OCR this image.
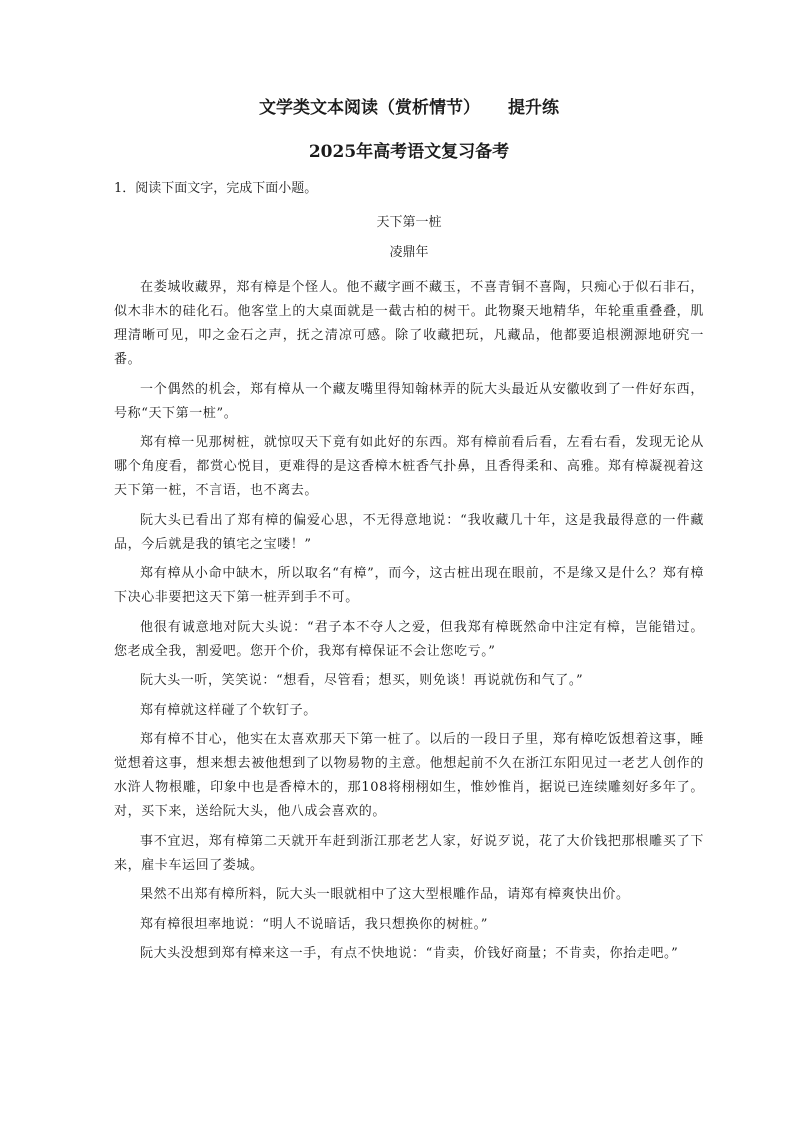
文学类文本阅读（赏析情节） 提升练
2025年高考语文复习备考

1．阅读下面文字，完成下面小题。

天下第一桩

凌鼎年

在娄城收藏界，郑有樟是个怪人。他不藏字画不藏玉，不喜青铜不喜陶，只痴心于似石非石，似木非木的硅化石。他客堂上的大桌面就是一截古柏的树干。此物聚天地精华，年轮重重叠叠，肌理清晰可见，叩之金石之声，抚之清凉可感。除了收藏把玩，凡藏品，他都要追根溯源地研究一番。

一个偶然的机会，郑有樟从一个藏友嘴里得知翰林弄的阮大头最近从安徽收到了一件好东西，号称“天下第一桩”。

郑有樟一见那树桩，就惊叹天下竟有如此好的东西。郑有樟前看后看，左看右看，发现无论从哪个角度看，都赏心悦目，更难得的是这香樟木桩香气扑鼻，且香得柔和、高雅。郑有樟凝视着这天下第一桩，不言语，也不离去。

阮大头已看出了郑有樟的偏爱心思，不无得意地说：“我收藏几十年，这是我最得意的一件藏品，今后就是我的镇宅之宝喽！”

郑有樟从小命中缺木，所以取名“有樟”，而今，这古桩出现在眼前，不是缘又是什么？郑有樟下决心非要把这天下第一桩弄到手不可。

他很有诚意地对阮大头说：“君子本不夺人之爱，但我郑有樟既然命中注定有樟，岂能错过。您老成全我，割爱吧。您开个价，我郑有樟保证不会让您吃亏。”

阮大头一听，笑笑说：“想看，尽管看；想买，则免谈！再说就伤和气了。”

郑有樟就这样碰了个软钉子。

郑有樟不甘心，他实在太喜欢那天下第一桩了。以后的一段日子里，郑有樟吃饭想着这事，睡觉想着这事，想来想去被他想到了以物易物的主意。他想起前不久在浙江东阳见过一老艺人创作的水浒人物根雕，印象中也是香樟木的，那108将栩栩如生，惟妙惟肖，据说已连续雕刻好多年了。对，买下来，送给阮大头，他八成会喜欢的。

事不宜迟，郑有樟第二天就开车赶到浙江那老艺人家，好说歹说，花了大价钱把那根雕买了下来，雇卡车运回了娄城。

果然不出郑有樟所料，阮大头一眼就相中了这大型根雕作品，请郑有樟爽快出价。

郑有樟很坦率地说：“明人不说暗话，我只想换你的树桩。”

阮大头没想到郑有樟来这一手，有点不快地说：“肯卖，价钱好商量；不肯卖，你抬走吧。”
